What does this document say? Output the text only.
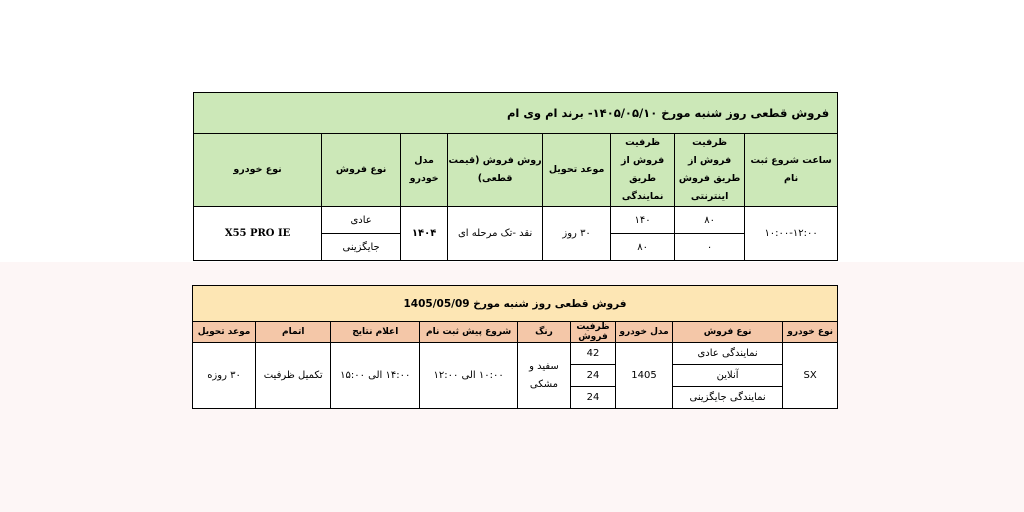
فروش قطعی روز شنبه مورخ ۱۴۰۵/۰۵/۱۰- برند ام وی ام							
ساعت شروع ثبت نام	ظرفیت فروش از طریق فروش اینترنتی	ظرفیت فروش از طریق نمایندگی	موعد تحویل	روش فروش (قیمت قطعی)	مدل خودرو	نوع فروش	نوع خودرو
۱۰:۰۰-۱۲:۰۰	۸۰	۱۴۰	۳۰ روز	نقد -تک مرحله ای	۱۴۰۴	عادی	X55 PRO IE
	۰	۸۰				جایگزینی	
فروش قطعی روز شنبه مورخ 1405/05/09								
نوع خودرو	نوع فروش	مدل خودرو	ظرفیت فروش	رنگ	شروع پیش ثبت نام	اعلام نتایج	اتمام	موعد تحویل
SX	نمایندگی عادی	1405	42	سفید و مشکی	۱۰:۰۰ الی ۱۲:۰۰	۱۴:۰۰ الی ۱۵:۰۰	تکمیل ظرفیت	۳۰ روزه
	آنلاین		24					
	نمایندگی جایگزینی		24					
